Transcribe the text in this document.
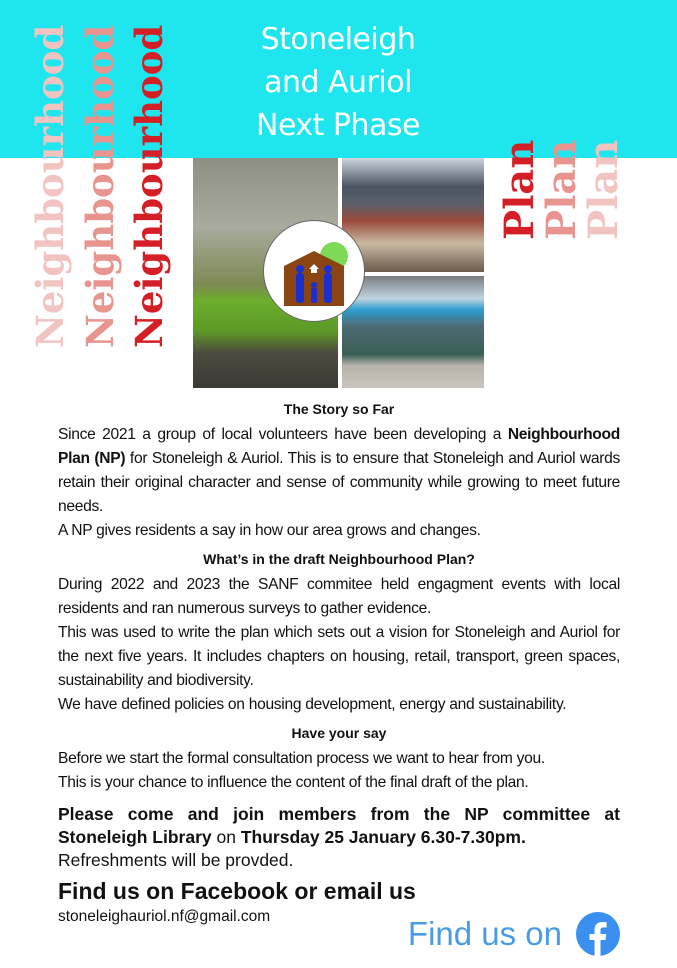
Stoneleigh
and Auriol
Next Phase
Neighbourhood Neighbourhood Neighbourhood	Plan
Plan
Plan
The Story so Far
Since 2021 a group of local volunteers have been developing a Neighbourhood Plan (NP) for Stoneleigh & Auriol. This is to ensure that Stoneleigh and Auriol wards retain their original character and sense of community while growing to meet future needs.
A NP gives residents a say in how our area grows and changes.
What’s in the draft Neighbourhood Plan?
During 2022 and 2023 the SANF commitee held engagment events with local residents and ran numerous surveys to gather evidence.
This was used to write the plan which sets out a vision for Stoneleigh and Auriol for the next five years. It includes chapters on housing, retail, transport, green spaces, sustainability and biodiversity.
We have defined policies on housing development, energy and sustainability.
Have your say
Before we start the formal consultation process we want to hear from you.
This is your chance to influence the content of the final draft of the plan.
Please come and join members from the NP committee at Stoneleigh Library on Thursday 25 January 6.30-7.30pm.
Refreshments will be provded.
Find us on Facebook or email us
stoneleighauriol.nf@gmail.com	Find us on
